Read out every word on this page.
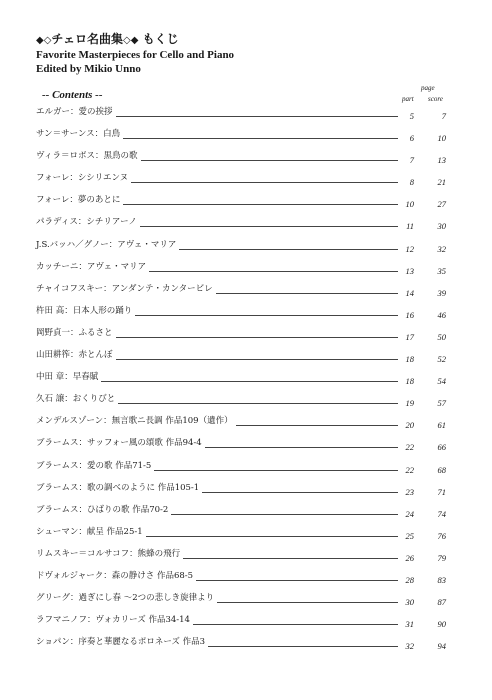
◆◇チェロ名曲集◇◆ もくじ
Favorite Masterpieces for Cello and Piano
Edited by Mikio Unno
-- Contents --
page
part score
エルガー：愛の挨拶	5	7
サン＝サーンス：白鳥	6	10
ヴィラ＝ロボス：黒鳥の歌	7	13
フォーレ：シシリエンヌ	8	21
フォーレ：夢のあとに	10	27
パラディス：シチリアーノ	11	30
J.S.バッハ／グノー：アヴェ・マリア	12	32
カッチーニ：アヴェ・マリア	13	35
チャイコフスキー：アンダンテ・カンタービレ	14	39
杵田 高：日本人形の踊り	16	46
岡野貞一：ふるさと	17	50
山田耕筰：赤とんぼ	18	52
中田 章：早春賦	18	54
久石 譲：おくりびと	19	57
メンデルスゾーン：無言歌ニ長調 作品109（遺作）	20	61
ブラームス：サッフォー風の頌歌 作品94-4	22	66
ブラームス：愛の歌 作品71-5	22	68
ブラームス：歌の調べのように 作品105-1	23	71
ブラームス：ひばりの歌 作品70-2	24	74
シューマン：献呈 作品25-1	25	76
リムスキー＝コルサコフ：熊蜂の飛行	26	79
ドヴォルジャーク：森の静けさ 作品68-5	28	83
グリーグ：過ぎにし春 ～2つの悲しき旋律より	30	87
ラフマニノフ：ヴォカリーズ 作品34-14	31	90
ショパン：序奏と華麗なるポロネーズ 作品3	32	94
